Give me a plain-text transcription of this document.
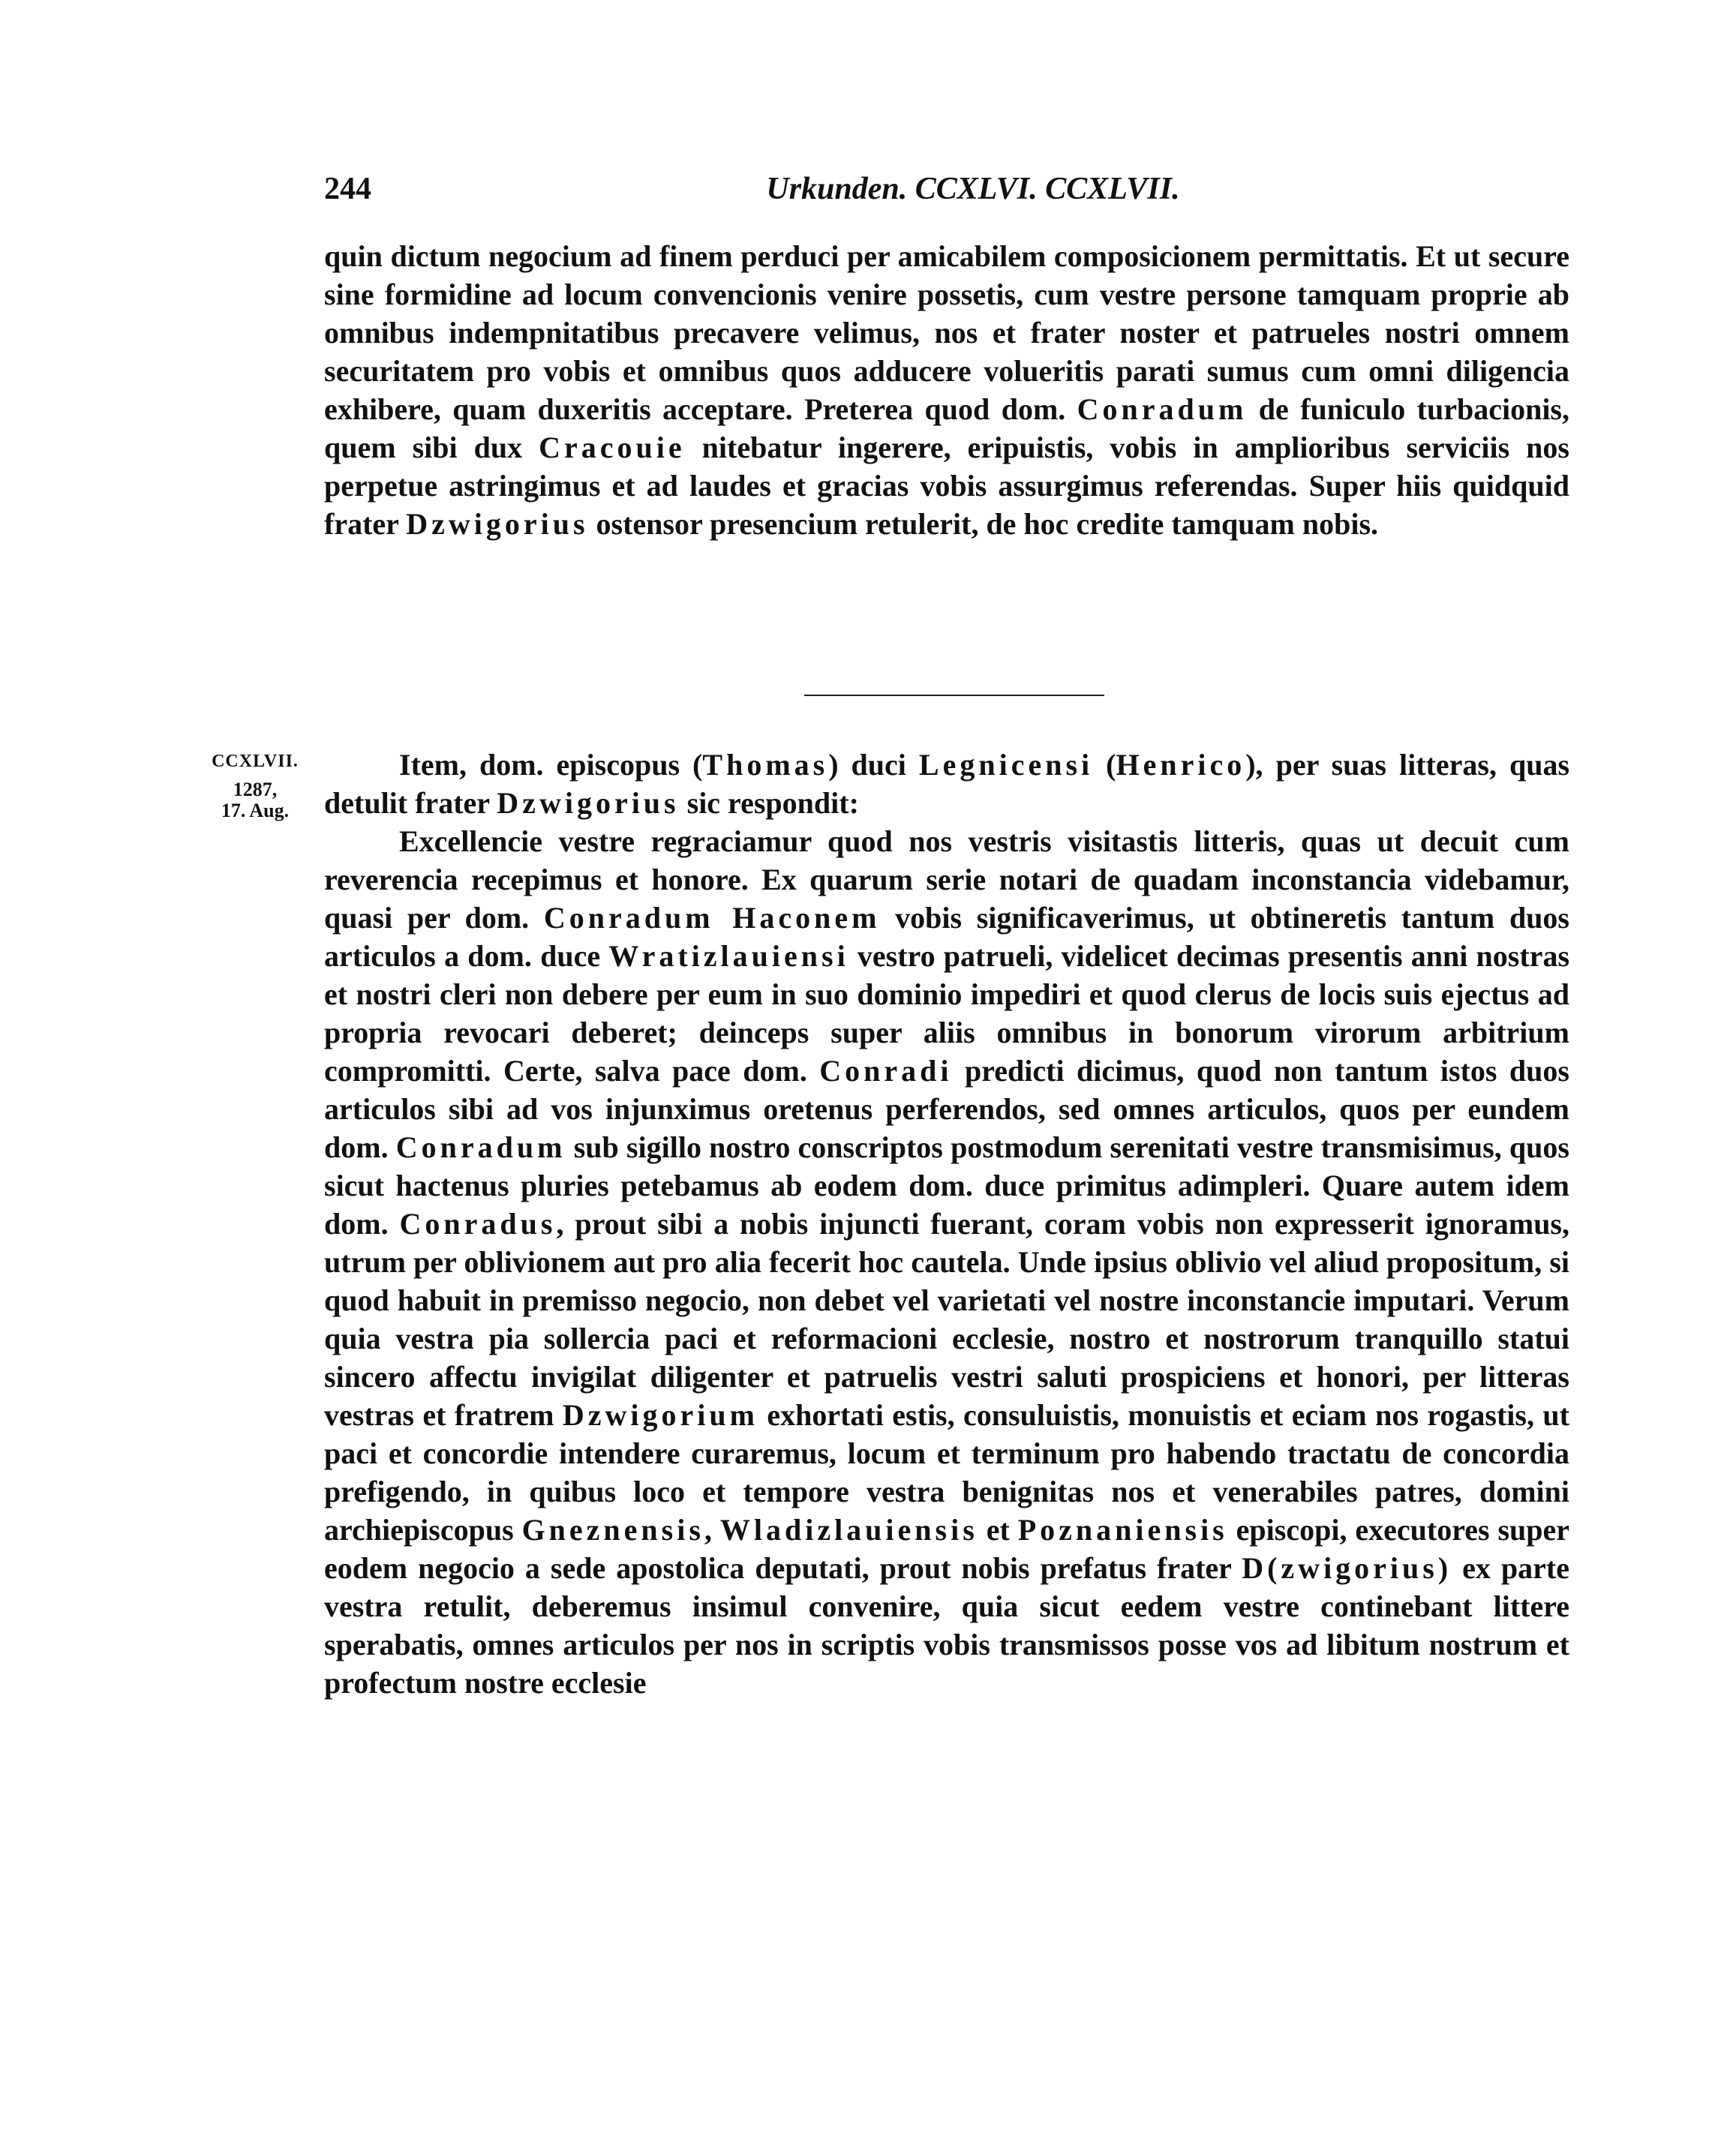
244	Urkunden. CCXLVI. CCXLVII.

quin dictum negocium ad finem perduci per amicabilem composicionem permittatis. Et ut secure sine formidine ad locum convencionis venire possetis, cum vestre persone tamquam proprie ab omnibus indempnitatibus precavere velimus, nos et frater noster et patrueles nostri omnem securitatem pro vobis et omnibus quos adducere volueritis parati sumus cum omni diligencia exhibere, quam duxeritis acceptare. Preterea quod dom. Conradum de funiculo turbacionis, quem sibi dux Cracouie nitebatur ingerere, eripuistis, vobis in amplioribus serviciis nos perpetue astringimus et ad laudes et gracias vobis assurgimus referendas. Super hiis quidquid frater Dzwigorius ostensor presencium retulerit, de hoc credite tamquam nobis.

CCXLVII.
1287,
17. Aug.

Item, dom. episcopus (Thomas) duci Legnicensi (Henrico), per suas litteras, quas detulit frater Dzwigorius sic respondit:

Excellencie vestre regraciamur quod nos vestris visitastis litteris, quas ut decuit cum reverencia recepimus et honore. Ex quarum serie notari de quadam inconstancia videbamur, quasi per dom. Conradum Haconem vobis significaverimus, ut obtineretis tantum duos articulos a dom. duce Wratizlauiensi vestro patrueli, videlicet decimas presentis anni nostras et nostri cleri non debere per eum in suo dominio impediri et quod clerus de locis suis ejectus ad propria revocari deberet; deinceps super aliis omnibus in bonorum virorum arbitrium compromitti. Certe, salva pace dom. Conradi predicti dicimus, quod non tantum istos duos articulos sibi ad vos injunximus oretenus perferendos, sed omnes articulos, quos per eundem dom. Conradum sub sigillo nostro conscriptos postmodum serenitati vestre transmisimus, quos sicut hactenus pluries petebamus ab eodem dom. duce primitus adimpleri. Quare autem idem dom. Conradus, prout sibi a nobis injuncti fuerant, coram vobis non expresserit ignoramus, utrum per oblivionem aut pro alia fecerit hoc cautela. Unde ipsius oblivio vel aliud propositum, si quod habuit in premisso negocio, non debet vel varietati vel nostre inconstancie imputari. Verum quia vestra pia sollercia paci et reformacioni ecclesie, nostro et nostrorum tranquillo statui sincero affectu invigilat diligenter et patruelis vestri saluti prospiciens et honori, per litteras vestras et fratrem Dzwigorium exhortati estis, consuluistis, monuistis et eciam nos rogastis, ut paci et concordie intendere curaremus, locum et terminum pro habendo tractatu de concordia prefigendo, in quibus loco et tempore vestra benignitas nos et venerabiles patres, domini archiepiscopus Gneznensis, Wladizlauiensis et Poznaniensis episcopi, executores super eodem negocio a sede apostolica deputati, prout nobis prefatus frater D(zwigorius) ex parte vestra retulit, deberemus insimul convenire, quia sicut eedem vestre continebant littere sperabatis, omnes articulos per nos in scriptis vobis transmissos posse vos ad libitum nostrum et profectum nostre ecclesie
